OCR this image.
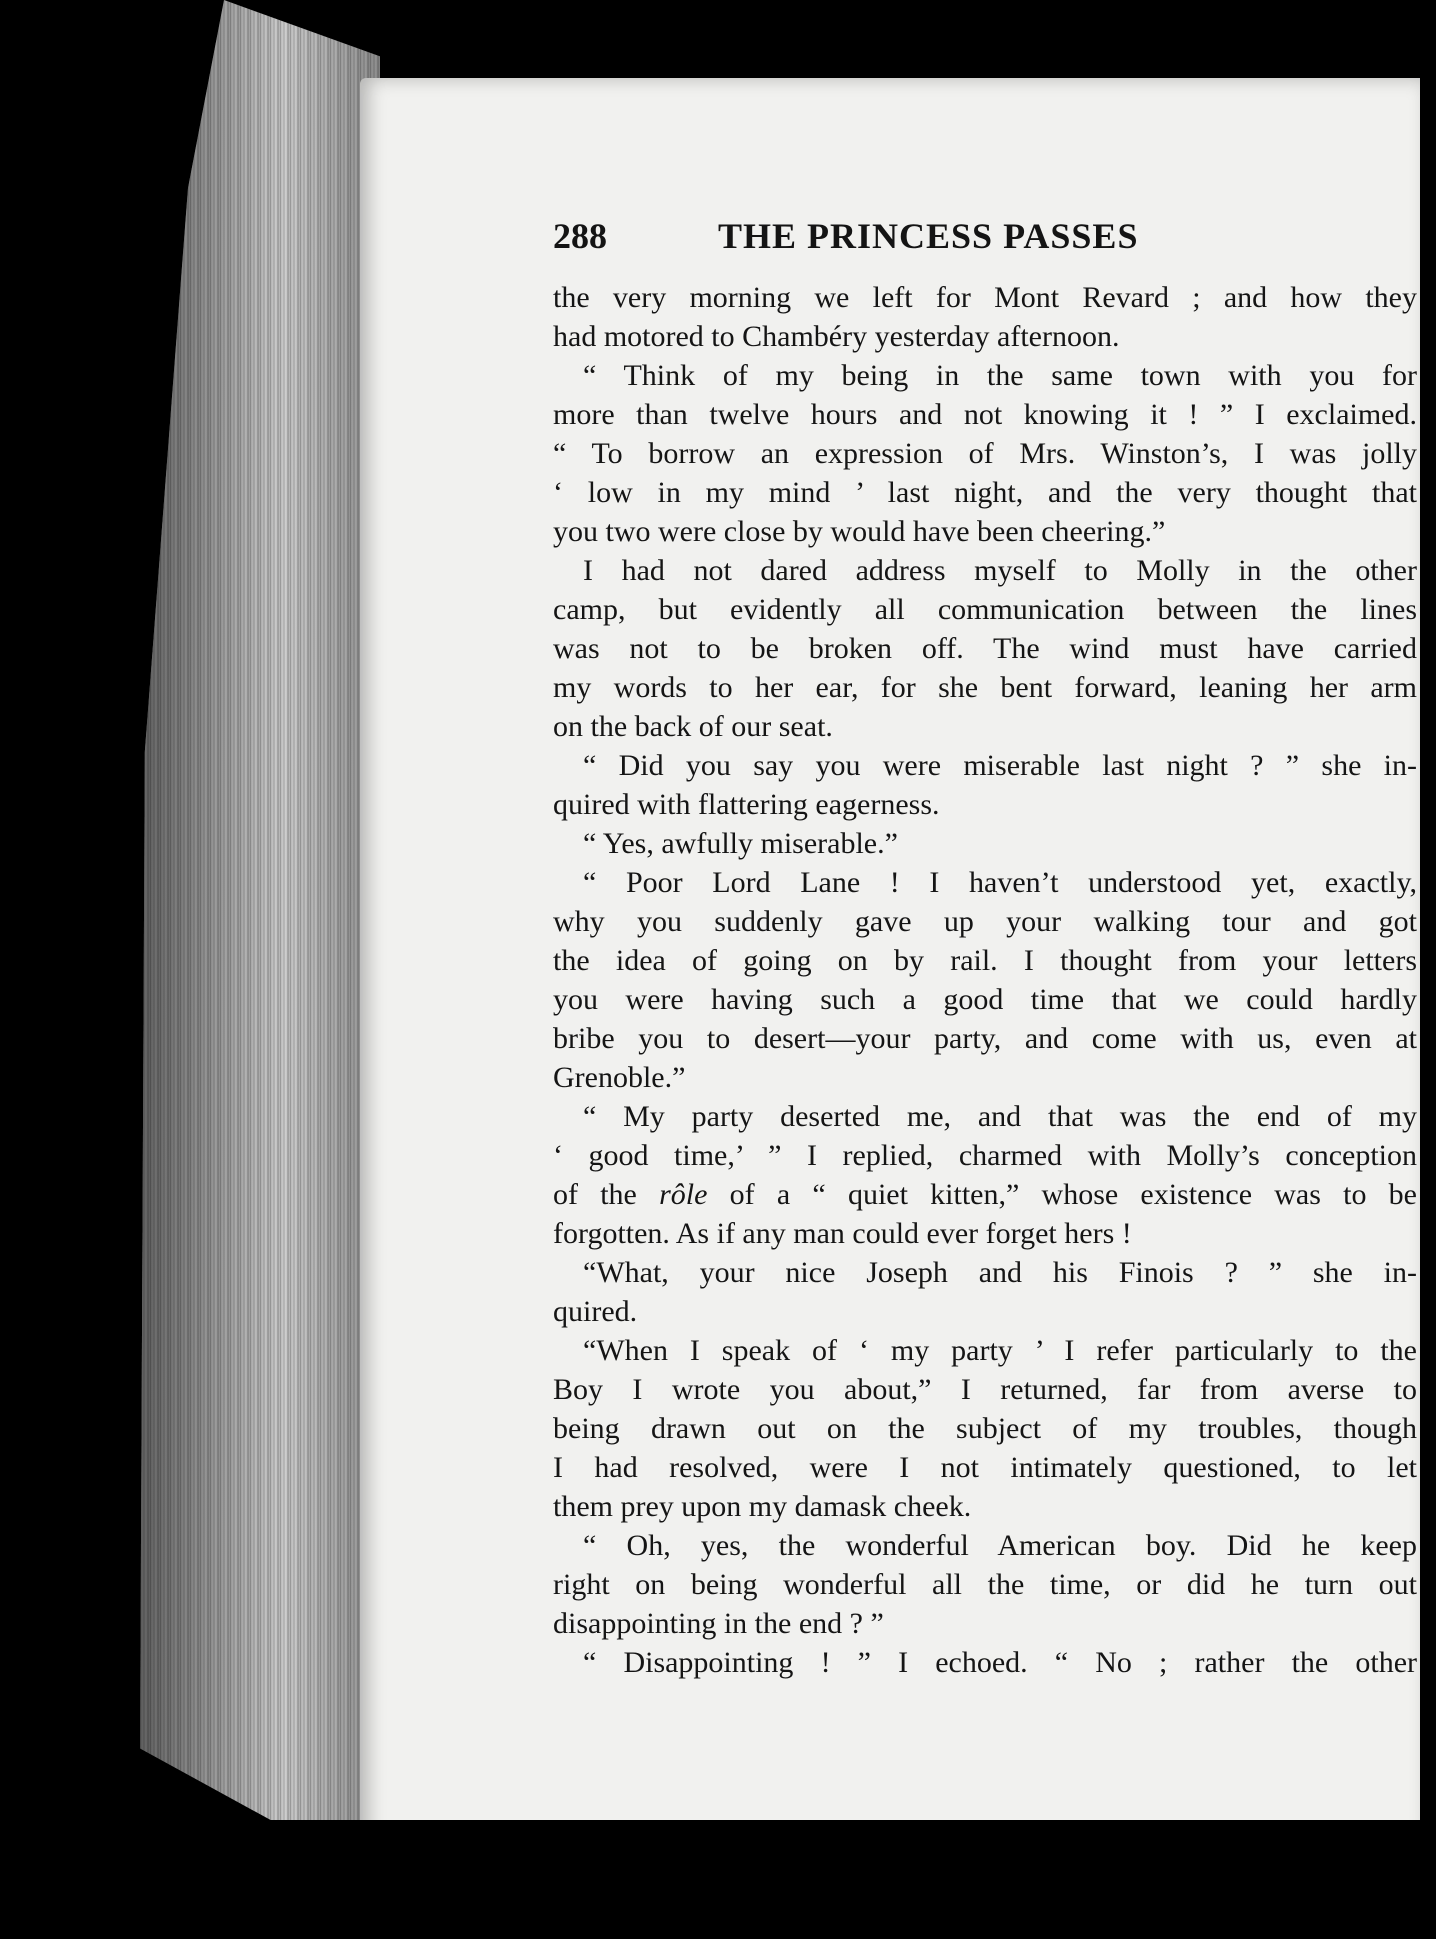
288	THE PRINCESS PASSES
the very morning we left for Mont Revard ; and how they
had motored to Chambéry yesterday afternoon.
“ Think of my being in the same town with you for
more than twelve hours and not knowing it ! ” I exclaimed.
“ To borrow an expression of Mrs. Winston’s, I was jolly
‘ low in my mind ’ last night, and the very thought that
you two were close by would have been cheering.”
I had not dared address myself to Molly in the other
camp, but evidently all communication between the lines
was not to be broken off. The wind must have carried
my words to her ear, for she bent forward, leaning her arm
on the back of our seat.
“ Did you say you were miserable last night ? ” she in-
quired with flattering eagerness.
“ Yes, awfully miserable.”
“ Poor Lord Lane ! I haven’t understood yet, exactly,
why you suddenly gave up your walking tour and got
the idea of going on by rail. I thought from your letters
you were having such a good time that we could hardly
bribe you to desert—your party, and come with us, even at
Grenoble.”
“ My party deserted me, and that was the end of my
‘ good time,’ ” I replied, charmed with Molly’s conception
of the rôle of a “ quiet kitten,” whose existence was to be
forgotten. As if any man could ever forget hers !
“What, your nice Joseph and his Finois ? ” she in-
quired.
“When I speak of ‘ my party ’ I refer particularly to the
Boy I wrote you about,” I returned, far from averse to
being drawn out on the subject of my troubles, though
I had resolved, were I not intimately questioned, to let
them prey upon my damask cheek.
“ Oh, yes, the wonderful American boy. Did he keep
right on being wonderful all the time, or did he turn out
disappointing in the end ? ”
“ Disappointing ! ” I echoed. “ No ; rather the other
